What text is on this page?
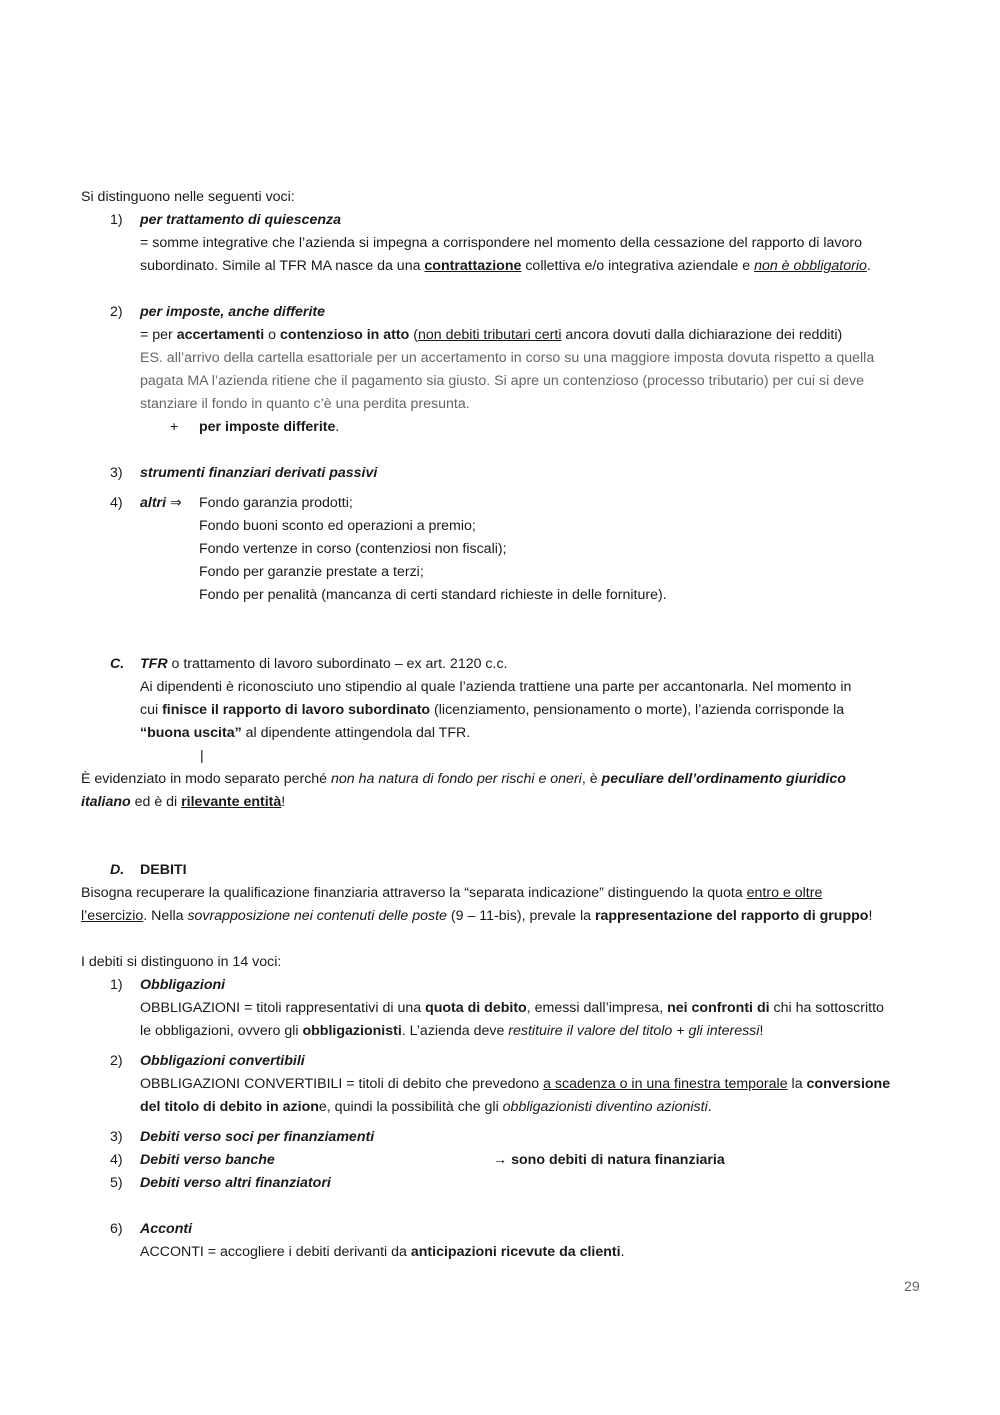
Si distinguono nelle seguenti voci:
1) per trattamento di quiescenza
= somme integrative che l’azienda si impegna a corrispondere nel momento della cessazione del rapporto di lavoro
subordinato. Simile al TFR MA nasce da una contrattazione collettiva e/o integrativa aziendale e non è obbligatorio.
2) per imposte, anche differite
= per accertamenti o contenzioso in atto (non debiti tributari certi ancora dovuti dalla dichiarazione dei redditi)
ES. all’arrivo della cartella esattoriale per un accertamento in corso su una maggiore imposta dovuta rispetto a quella
pagata MA l’azienda ritiene che il pagamento sia giusto. Si apre un contenzioso (processo tributario) per cui si deve
stanziare il fondo in quanto c’è una perdita presunta.
+ per imposte differite.
3) strumenti finanziari derivati passivi
4) altri ⇒ Fondo garanzia prodotti;
Fondo buoni sconto ed operazioni a premio;
Fondo vertenze in corso (contenziosi non fiscali);
Fondo per garanzie prestate a terzi;
Fondo per penalità (mancanza di certi standard richieste in delle forniture).
C. TFR o trattamento di lavoro subordinato – ex art. 2120 c.c.
Ai dipendenti è riconosciuto uno stipendio al quale l’azienda trattiene una parte per accantonarla. Nel momento in
cui finisce il rapporto di lavoro subordinato (licenziamento, pensionamento o morte), l’azienda corrisponde la
“buona uscita” al dipendente attingendola dal TFR.
|
È evidenziato in modo separato perché non ha natura di fondo per rischi e oneri, è peculiare dell’ordinamento giuridico
italiano ed è di rilevante entità!
D. DEBITI
Bisogna recuperare la qualificazione finanziaria attraverso la “separata indicazione” distinguendo la quota entro e oltre
l’esercizio. Nella sovrapposizione nei contenuti delle poste (9 – 11-bis), prevale la rappresentazione del rapporto di gruppo!
I debiti si distinguono in 14 voci:
1) Obbligazioni
OBBLIGAZIONI = titoli rappresentativi di una quota di debito, emessi dall’impresa, nei confronti di chi ha sottoscritto
le obbligazioni, ovvero gli obbligazionisti. L’azienda deve restituire il valore del titolo + gli interessi!
2) Obbligazioni convertibili
OBBLIGAZIONI CONVERTIBILI = titoli di debito che prevedono a scadenza o in una finestra temporale la conversione
del titolo di debito in azione, quindi la possibilità che gli obbligazionisti diventino azionisti.
3) Debiti verso soci per finanziamenti
4) Debiti verso banche	→ sono debiti di natura finanziaria
5) Debiti verso altri finanziatori
6) Acconti
ACCONTI = accogliere i debiti derivanti da anticipazioni ricevute da clienti.
29
